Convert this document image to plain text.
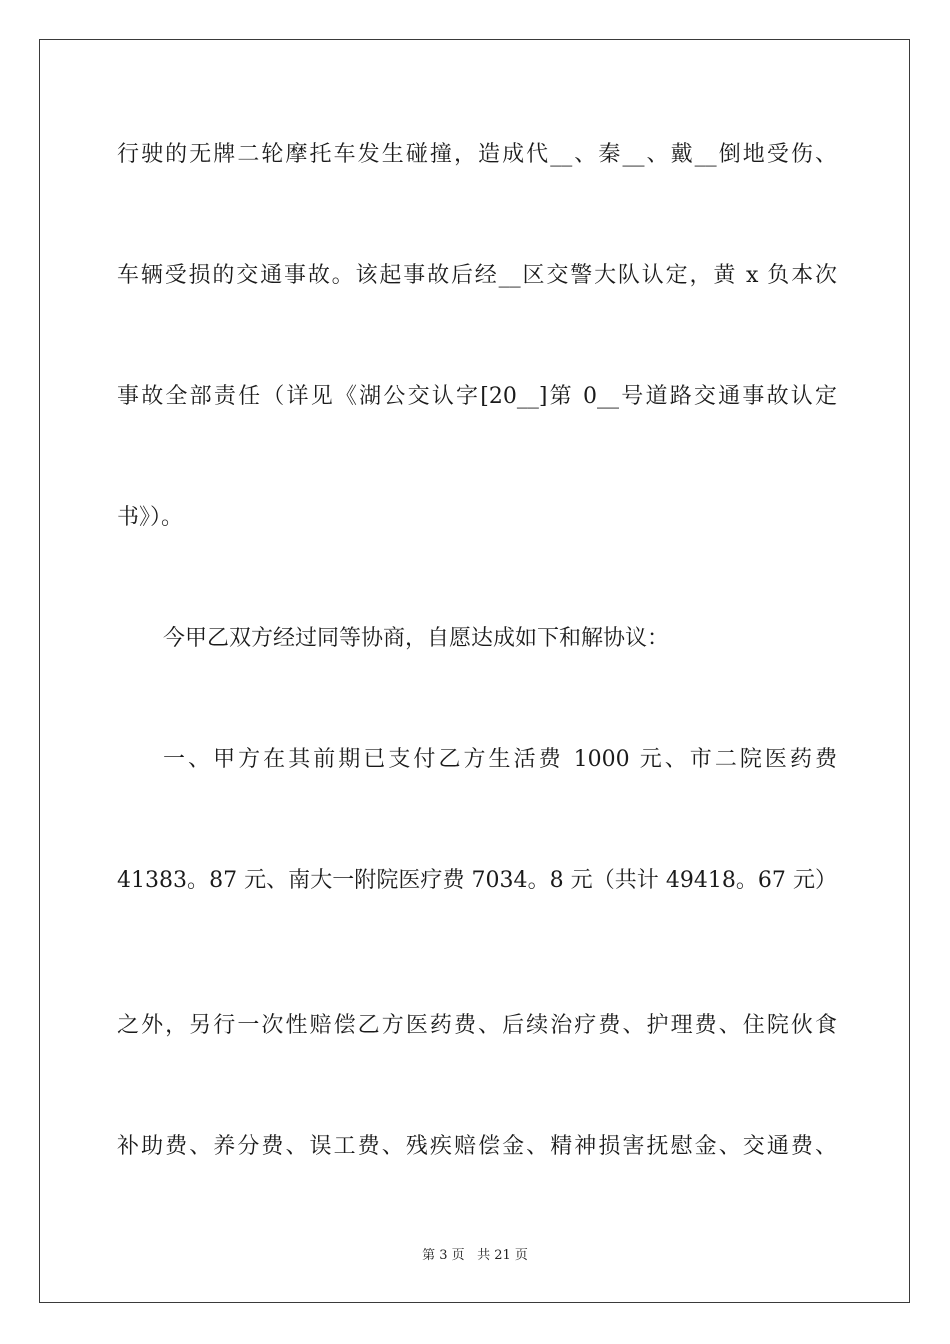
行驶的无牌二轮摩托车发生碰撞，造成代__、秦__、戴__倒地受伤、
车辆受损的交通事故。该起事故后经__区交警大队认定，黄 x 负本次
事故全部责任（详见《湖公交认字[20__]第 0__号道路交通事故认定
书》）。
今甲乙双方经过同等协商，自愿达成如下和解协议：
一、甲方在其前期已支付乙方生活费 1000 元、市二院医药费
41383。87 元、南大一附院医疗费 7034。8 元（共计 49418。67 元）
之外，另行一次性赔偿乙方医药费、后续治疗费、护理费、住院伙食
补助费、养分费、误工费、残疾赔偿金、精神损害抚慰金、交通费、
第 3 页 共 21 页
